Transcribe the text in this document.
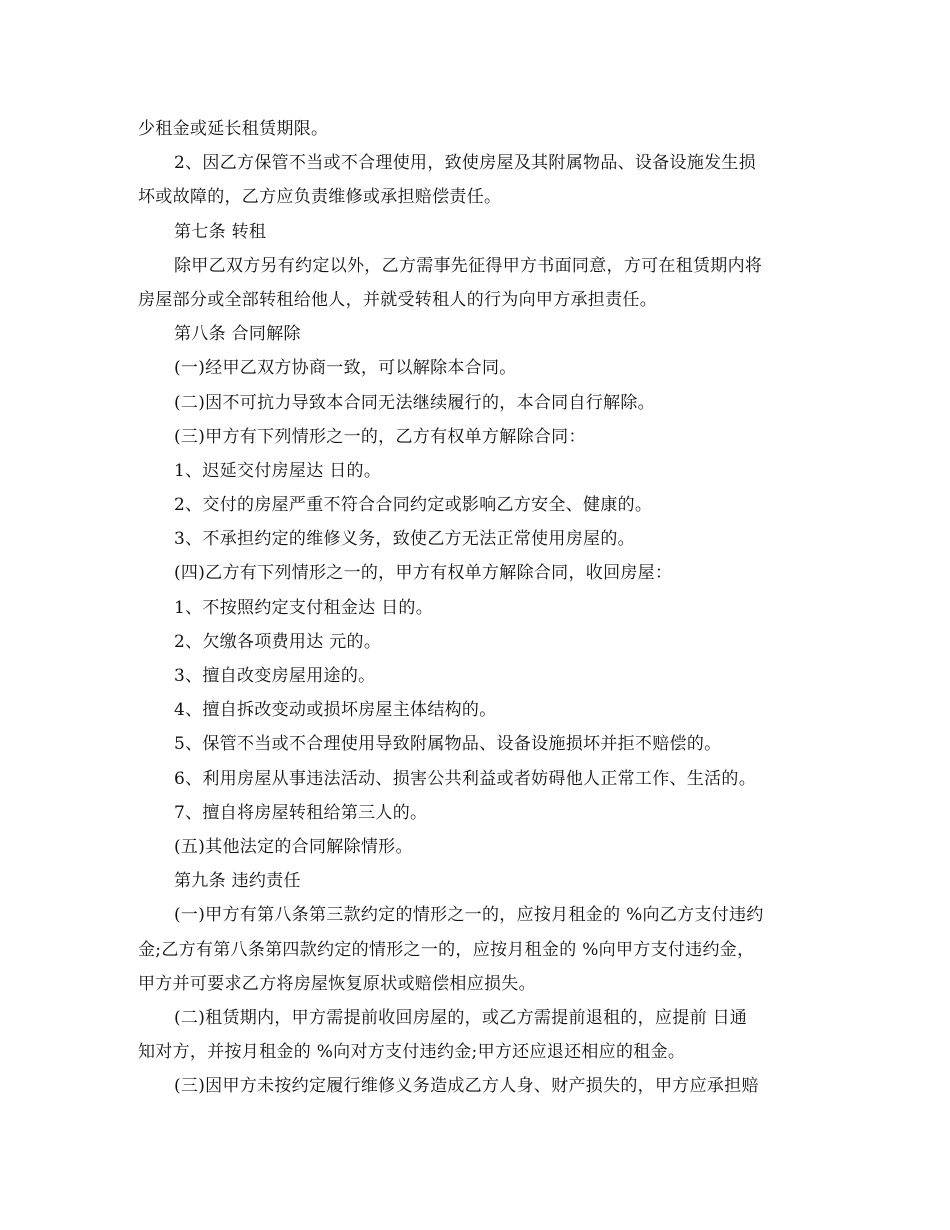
少租金或延长租赁期限。
2、因乙方保管不当或不合理使用，致使房屋及其附属物品、设备设施发生损
坏或故障的，乙方应负责维修或承担赔偿责任。
第七条 转租
除甲乙双方另有约定以外，乙方需事先征得甲方书面同意，方可在租赁期内将
房屋部分或全部转租给他人，并就受转租人的行为向甲方承担责任。
第八条 合同解除
(一)经甲乙双方协商一致，可以解除本合同。
(二)因不可抗力导致本合同无法继续履行的，本合同自行解除。
(三)甲方有下列情形之一的，乙方有权单方解除合同：
1、迟延交付房屋达 日的。
2、交付的房屋严重不符合合同约定或影响乙方安全、健康的。
3、不承担约定的维修义务，致使乙方无法正常使用房屋的。
(四)乙方有下列情形之一的，甲方有权单方解除合同，收回房屋：
1、不按照约定支付租金达 日的。
2、欠缴各项费用达 元的。
3、擅自改变房屋用途的。
4、擅自拆改变动或损坏房屋主体结构的。
5、保管不当或不合理使用导致附属物品、设备设施损坏并拒不赔偿的。
6、利用房屋从事违法活动、损害公共利益或者妨碍他人正常工作、生活的。
7、擅自将房屋转租给第三人的。
(五)其他法定的合同解除情形。
第九条 违约责任
(一)甲方有第八条第三款约定的情形之一的，应按月租金的 %向乙方支付违约
金;乙方有第八条第四款约定的情形之一的，应按月租金的 %向甲方支付违约金，
甲方并可要求乙方将房屋恢复原状或赔偿相应损失。
(二)租赁期内，甲方需提前收回房屋的，或乙方需提前退租的，应提前 日通
知对方，并按月租金的 %向对方支付违约金;甲方还应退还相应的租金。
(三)因甲方未按约定履行维修义务造成乙方人身、财产损失的，甲方应承担赔
